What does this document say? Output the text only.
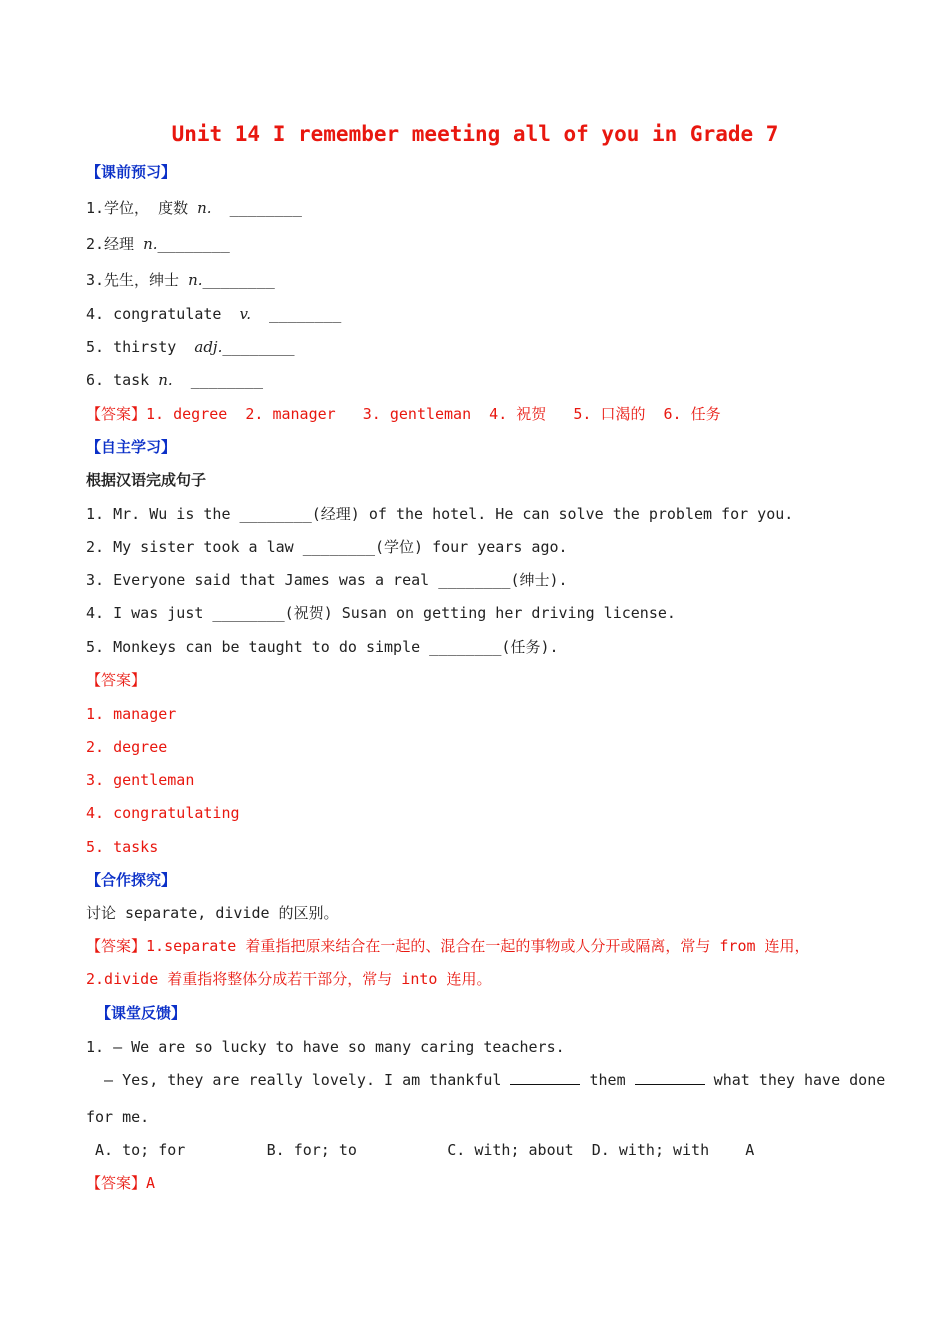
Unit 14 I remember meeting all of you in Grade 7
【课前预习】
1.学位， 度数 n.  ________
2.经理 n.________
3.先生，绅士 n.________
4. congratulate  v.  ________
5. thirsty  adj.________
6. task n.  ________
【答案】1. degree  2. manager   3. gentleman  4. 祝贺   5. 口渴的  6. 任务
【自主学习】
根据汉语完成句子
1. Mr. Wu is the ________(经理) of the hotel. He can solve the problem for you.
2. My sister took a law ________(学位) four years ago.
3. Everyone said that James was a real ________(绅士).
4. I was just ________(祝贺) Susan on getting her driving license.
5. Monkeys can be taught to do simple ________(任务).
【答案】
1. manager
2. degree
3. gentleman
4. congratulating
5. tasks
【合作探究】
讨论 separate, divide 的区别。
【答案】1.separate 着重指把原来结合在一起的、混合在一起的事物或人分开或隔离，常与 from 连用，
2.divide 着重指将整体分成若干部分，常与 into 连用。
【课堂反馈】
1. — We are so lucky to have so many caring teachers.
— Yes, they are really lovely. I am thankful	them	what they have done
for me.
A. to; for         B. for; to          C. with; about  D. with; with    A
【答案】A
